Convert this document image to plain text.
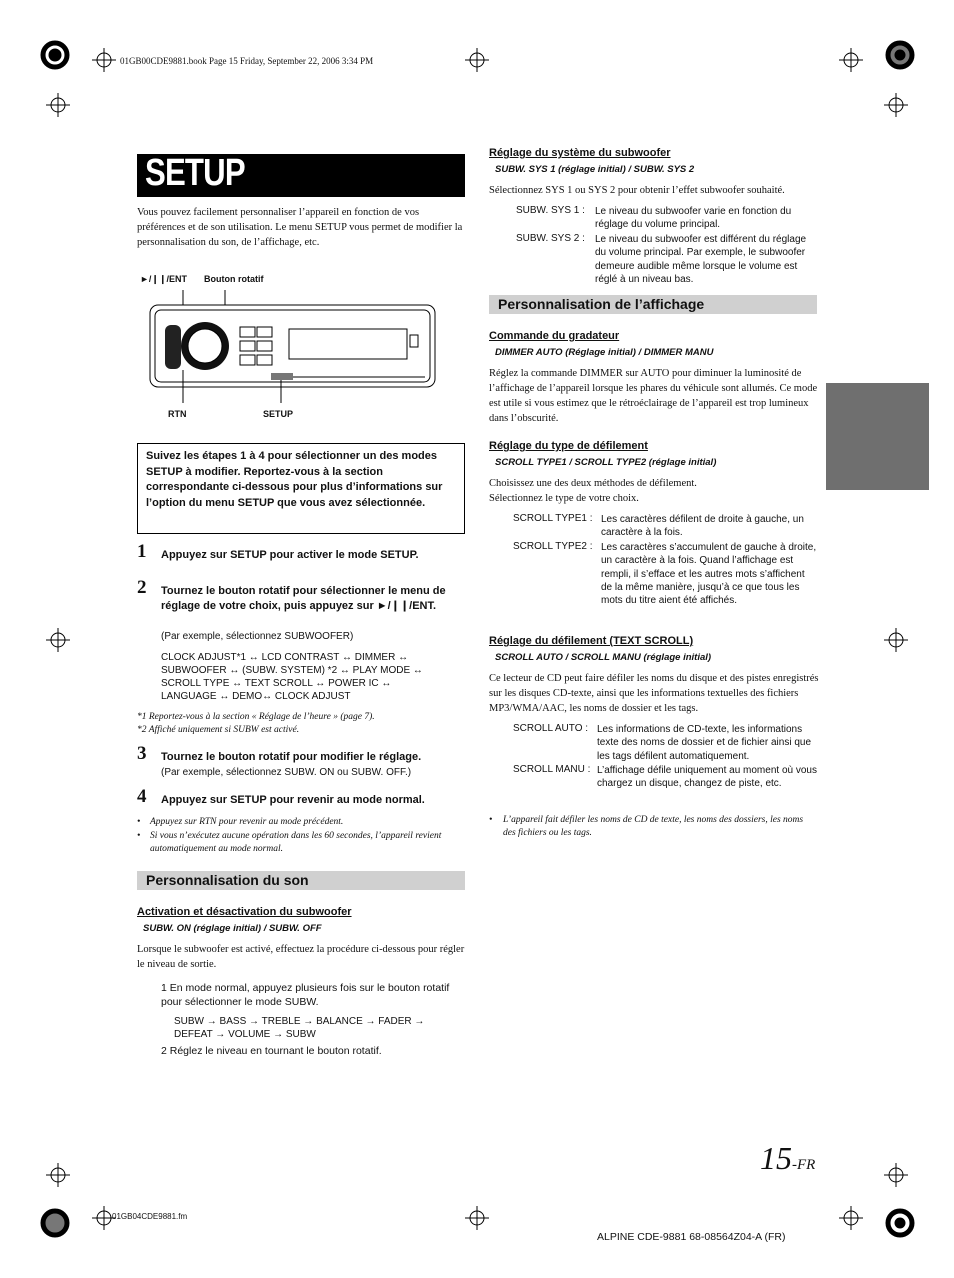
01GB00CDE9881.book Page 15 Friday, September 22, 2006 3:34 PM
SETUP
Vous pouvez facilement personnaliser l’appareil en fonction de vos préférences et de son utilisation. Le menu SETUP vous permet de modifier la personnalisation du son, de l’affichage, etc.
►/❙❙/ENT Bouton rotatif
RTN	SETUP
Suivez les étapes 1 à 4 pour sélectionner un des modes SETUP à modifier. Reportez-vous à la section correspondante ci-dessous pour plus d’informations sur l’option du menu SETUP que vous avez sélectionnée.
1 Appuyez sur SETUP pour activer le mode SETUP.
2 Tournez le bouton rotatif pour sélectionner le menu de réglage de votre choix, puis appuyez sur ►/❙❙/ENT.
(Par exemple, sélectionnez SUBWOOFER)
CLOCK ADJUST*1 ↔ LCD CONTRAST ↔ DIMMER ↔
SUBWOOFER ↔ (SUBW. SYSTEM) *2 ↔ PLAY MODE ↔
SCROLL TYPE ↔ TEXT SCROLL ↔ POWER IC ↔
LANGUAGE ↔ DEMO↔ CLOCK ADJUST
*1 Reportez-vous à la section « Réglage de l’heure » (page 7).
*2 Affiché uniquement si SUBW est activé.
3 Tournez le bouton rotatif pour modifier le réglage.
(Par exemple, sélectionnez SUBW. ON ou SUBW. OFF.)
4 Appuyez sur SETUP pour revenir au mode normal.
• Appuyez sur RTN pour revenir au mode précédent.
• Si vous n’exécutez aucune opération dans les 60 secondes, l’appareil revient automatiquement au mode normal.
Personnalisation du son
Activation et désactivation du subwoofer
SUBW. ON (réglage initial) / SUBW. OFF
Lorsque le subwoofer est activé, effectuez la procédure ci-dessous pour régler le niveau de sortie.
1 En mode normal, appuyez plusieurs fois sur le bouton rotatif pour sélectionner le mode SUBW.
SUBW → BASS → TREBLE → BALANCE → FADER →
DEFEAT → VOLUME → SUBW
2 Réglez le niveau en tournant le bouton rotatif.
Réglage du système du subwoofer
SUBW. SYS 1 (réglage initial) / SUBW. SYS 2
Sélectionnez SYS 1 ou SYS 2 pour obtenir l’effet subwoofer souhaité.
SUBW. SYS 1 : Le niveau du subwoofer varie en fonction du réglage du volume principal.
SUBW. SYS 2 : Le niveau du subwoofer est différent du réglage du volume principal. Par exemple, le subwoofer demeure audible même lorsque le volume est réglé à un niveau bas.
Personnalisation de l’affichage
Commande du gradateur
DIMMER AUTO (Réglage initial) / DIMMER MANU
Réglez la commande DIMMER sur AUTO pour diminuer la luminosité de l’affichage de l’appareil lorsque les phares du véhicule sont allumés. Ce mode est utile si vous estimez que le rétroéclairage de l’appareil est trop lumineux dans l’obscurité.
Réglage du type de défilement
SCROLL TYPE1 / SCROLL TYPE2 (réglage initial)
Choisissez une des deux méthodes de défilement.
Sélectionnez le type de votre choix.
SCROLL TYPE1 : Les caractères défilent de droite à gauche, un caractère à la fois.
SCROLL TYPE2 : Les caractères s’accumulent de gauche à droite, un caractère à la fois. Quand l’affichage est rempli, il s’efface et les autres mots s’affichent de la même manière, jusqu’à ce que tous les mots du titre aient été affichés.
Réglage du défilement (TEXT SCROLL)
SCROLL AUTO / SCROLL MANU (réglage initial)
Ce lecteur de CD peut faire défiler les noms du disque et des pistes enregistrés sur les disques CD-texte, ainsi que les informations textuelles des fichiers MP3/WMA/AAC, les noms de dossier et les tags.
SCROLL AUTO : Les informations de CD-texte, les informations texte des noms de dossier et de fichier ainsi que les tags défilent automatiquement.
SCROLL MANU : L’affichage défile uniquement au moment où vous chargez un disque, changez de piste, etc.
• L’appareil fait défiler les noms de CD de texte, les noms des dossiers, les noms des fichiers ou les tags.
15-FR
01GB04CDE9881.fm
ALPINE CDE-9881 68-08564Z04-A (FR)
